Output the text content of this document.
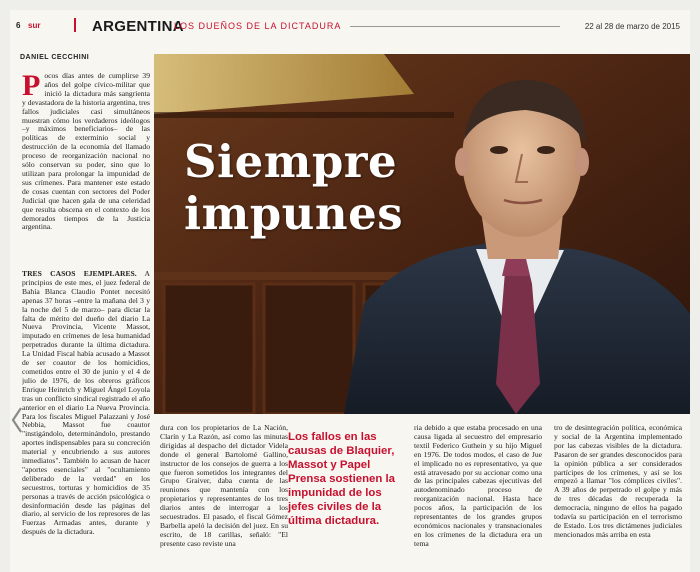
6 sur	ARGENTINA
LOS DUEÑOS DE LA DICTADURA	22 al 28 de marzo de 2015
DANIEL CECCHINI

Pocos días antes de cumplirse 39 años del golpe cívico-militar que inició la dictadura más sangrienta y devastadora de la historia argentina, tres fallos judiciales casi simultáneos muestran cómo los verdaderos ideólogos –y máximos beneficiarios– de las políticas de exterminio social y destrucción de la economía del llamado proceso de reorganización nacional no sólo conservan su poder, sino que lo utilizan para prolongar la impunidad de sus crímenes. Para mantener este estado de cosas cuentan con sectores del Poder Judicial que hacen gala de una celeridad que resulta obscena en el contexto de los demorados tiempos de la Justicia argentina.

TRES CASOS EJEMPLARES. A principios de este mes, el juez federal de Bahía Blanca Claudio Pontet necesitó apenas 37 horas –entre la mañana del 3 y la noche del 5 de marzo– para dictar la falta de mérito del dueño del diario La Nueva Provincia, Vicente Massot, imputado en crímenes de lesa humanidad perpetrados durante la última dictadura. La Unidad Fiscal había acusado a Massot de ser coautor de los homicidios, cometidos entre el 30 de junio y el 4 de julio de 1976, de los obreros gráficos Enrique Heinrich y Miguel Ángel Loyola tras un conflicto sindical registrado el año anterior en el diario La Nueva Provincia. Para los fiscales Miguel Palazzani y José Nebbia, Massot fue coautor "instigándolo, determinándolo, prestando aportes indispensables para su concreción material y encubriendo a sus autores inmediatos". También lo acusan de hacer "aportes esenciales" al "ocultamiento deliberado de la verdad" en los secuestros, torturas y homicidios de 35 personas a través de acción psicológica o desinformación desde las páginas del diario, al servicio de los represores de las Fuerzas Armadas antes, durante y después de la dictadura.

Siempre
impunes

dura con los propietarios de La Nación, Clarín y La Razón, así como las minutas dirigidas al despacho del dictador Videla donde el general Bartolomé Gallino, instructor de los consejos de guerra a los que fueron sometidos los integrantes del Grupo Graiver, daba cuenta de las reuniones que mantenía con los propietarios y representantes de los tres diarios antes de interrogar a los secuestrados. El pasado, el fiscal Gómez Barbella apeló la decisión del juez. En su escrito, de 18 carillas, señaló: "El presente caso reviste una

Los fallos en las causas de Blaquier, Massot y Papel Prensa sostienen la impunidad de los jefes civiles de la última dictadura.

ria debido a que estaba procesado en una causa ligada al secuestro del empresario textil Federico Guthein y su hijo Miguel en 1976. De todos modos, el caso de Jue el implicado no es representativo, ya que está atravesado por su accionar como una de las principales cabezas ejecutivas del autodenominado proceso de reorganización nacional. Hasta hace pocos años, la participación de los representantes de los grandes grupos económicos nacionales y transnacionales en los crímenes de la dictadura era un tema

tro de desintegración política, económica y social de la Argentina implementado por las cabezas visibles de la dictadura. Pasaron de ser grandes desconocidos para la opinión pública a ser considerados partícipes de los crímenes, y así se los empezó a llamar "los cómplices civiles". A 39 años de perpetrado el golpe y más de tres décadas de recuperada la democracia, ninguno de ellos ha pagado todavía su participación en el terrorismo de Estado. Los tres dictámenes judiciales mencionados más arriba en esta
